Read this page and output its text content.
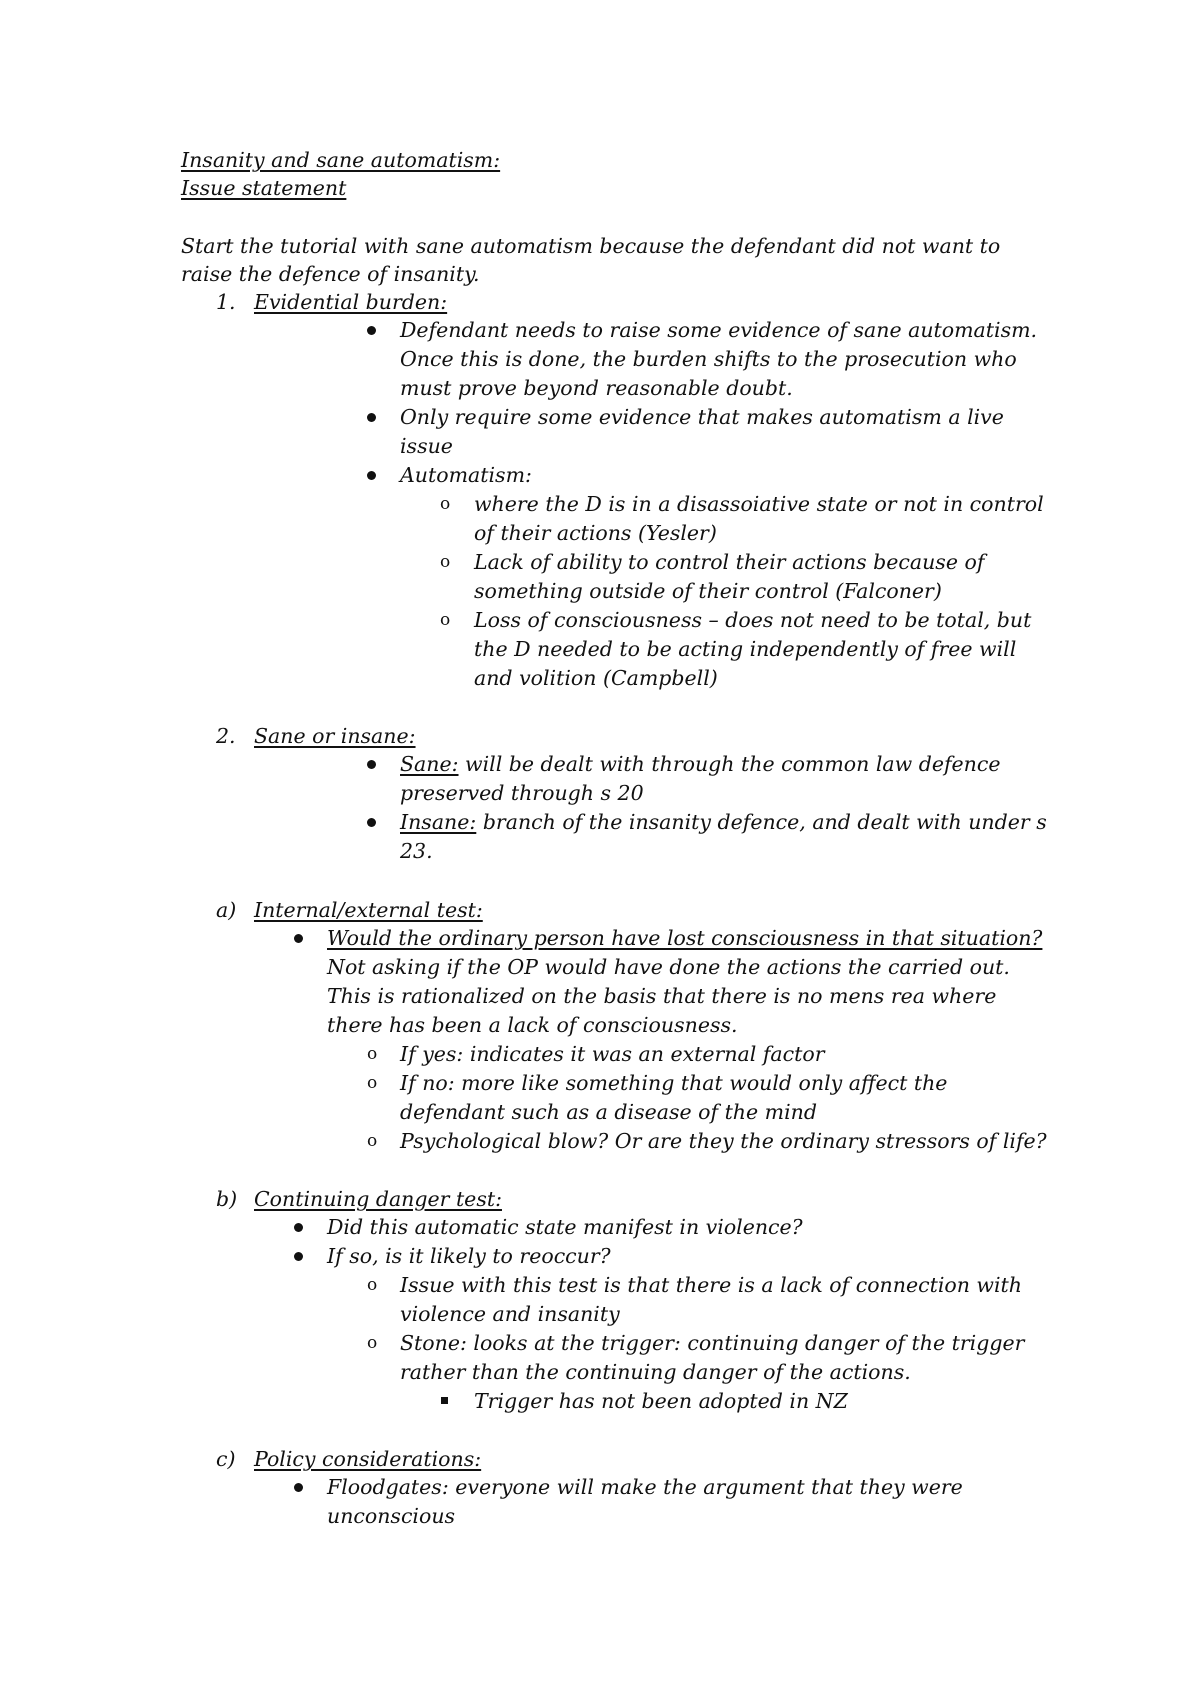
Insanity and sane automatism:
Issue statement
Start the tutorial with sane automatism because the defendant did not want to
raise the defence of insanity.
1. Evidential burden:
Defendant needs to raise some evidence of sane automatism.
Once this is done, the burden shifts to the prosecution who
must prove beyond reasonable doubt.
Only require some evidence that makes automatism a live
issue
Automatism:
o where the D is in a disassoiative state or not in control
of their actions (Yesler)
o Lack of ability to control their actions because of
something outside of their control (Falconer)
o Loss of consciousness – does not need to be total, but
the D needed to be acting independently of free will
and volition (Campbell)
2. Sane or insane:
Sane: will be dealt with through the common law defence
preserved through s 20
Insane: branch of the insanity defence, and dealt with under s
23.
a) Internal/external test:
Would the ordinary person have lost consciousness in that situation?
Not asking if the OP would have done the actions the carried out.
This is rationalized on the basis that there is no mens rea where
there has been a lack of consciousness.
o If yes: indicates it was an external factor
o If no: more like something that would only affect the
defendant such as a disease of the mind
o Psychological blow? Or are they the ordinary stressors of life?
b) Continuing danger test:
Did this automatic state manifest in violence?
If so, is it likely to reoccur?
o Issue with this test is that there is a lack of connection with
violence and insanity
o Stone: looks at the trigger: continuing danger of the trigger
rather than the continuing danger of the actions.
Trigger has not been adopted in NZ
c) Policy considerations:
Floodgates: everyone will make the argument that they were
unconscious
